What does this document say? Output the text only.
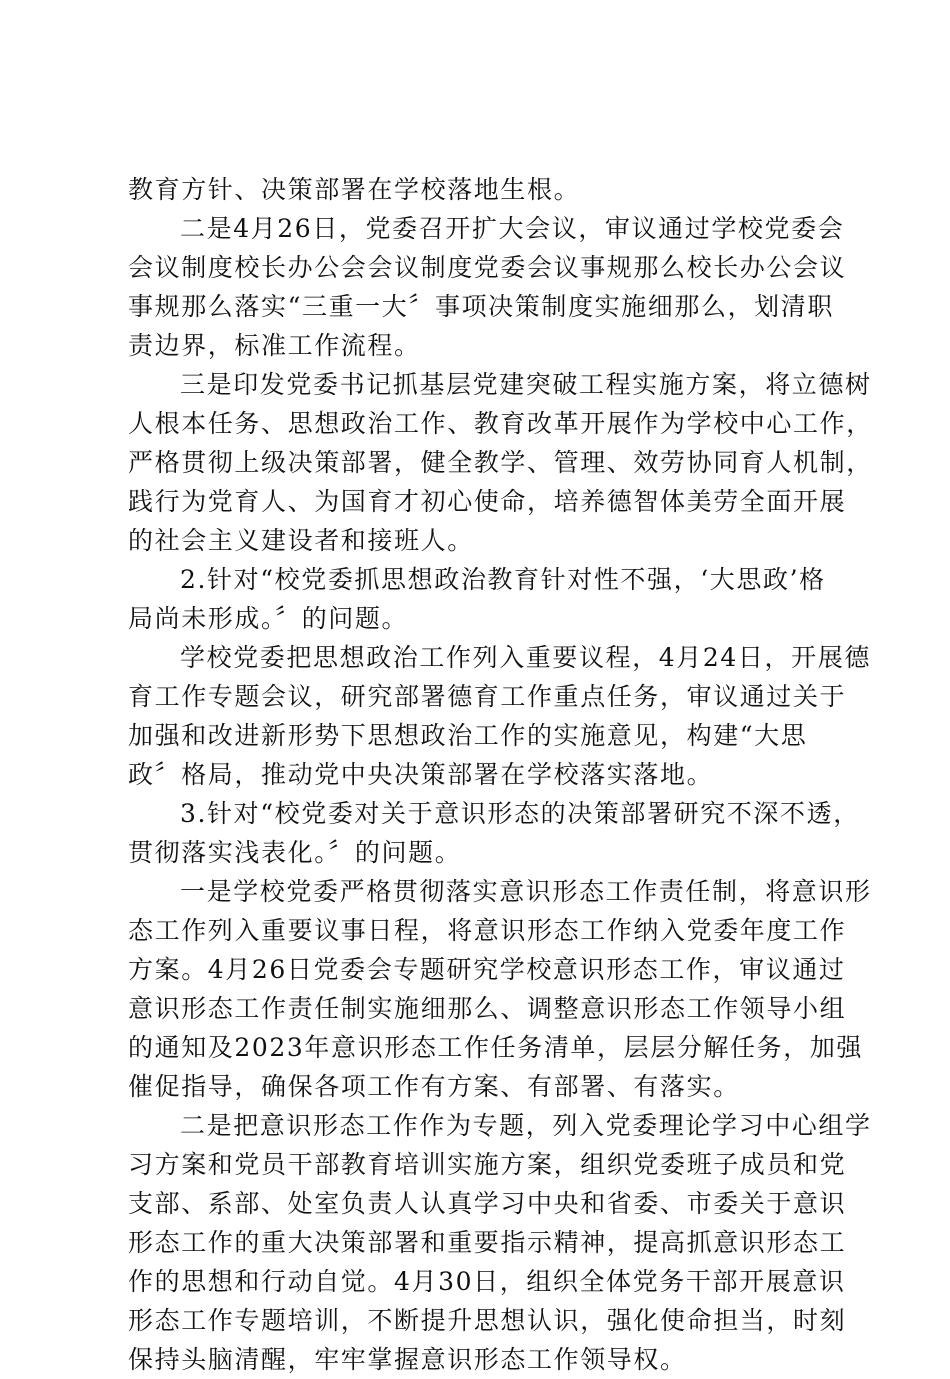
教育方针、决策部署在学校落地生根。
二是4月26日，党委召开扩大会议，审议通过学校党委会
会议制度校长办公会会议制度党委会议事规那么校长办公会议
事规那么落实“三重一大〞事项决策制度实施细那么，划清职
责边界，标准工作流程。
三是印发党委书记抓基层党建突破工程实施方案，将立德树
人根本任务、思想政治工作、教育改革开展作为学校中心工作，
严格贯彻上级决策部署，健全教学、管理、效劳协同育人机制，
践行为党育人、为国育才初心使命，培养德智体美劳全面开展
的社会主义建设者和接班人。
2.针对“校党委抓思想政治教育针对性不强，‘大思政’格
局尚未形成。〞的问题。
学校党委把思想政治工作列入重要议程，4月24日，开展德
育工作专题会议，研究部署德育工作重点任务，审议通过关于
加强和改进新形势下思想政治工作的实施意见，构建“大思
政〞格局，推动党中央决策部署在学校落实落地。
3.针对“校党委对关于意识形态的决策部署研究不深不透，
贯彻落实浅表化。〞的问题。
一是学校党委严格贯彻落实意识形态工作责任制，将意识形
态工作列入重要议事日程，将意识形态工作纳入党委年度工作
方案。4月26日党委会专题研究学校意识形态工作，审议通过
意识形态工作责任制实施细那么、调整意识形态工作领导小组
的通知及2023年意识形态工作任务清单，层层分解任务，加强
催促指导，确保各项工作有方案、有部署、有落实。
二是把意识形态工作作为专题，列入党委理论学习中心组学
习方案和党员干部教育培训实施方案，组织党委班子成员和党
支部、系部、处室负责人认真学习中央和省委、市委关于意识
形态工作的重大决策部署和重要指示精神，提高抓意识形态工
作的思想和行动自觉。4月30日，组织全体党务干部开展意识
形态工作专题培训，不断提升思想认识，强化使命担当，时刻
保持头脑清醒，牢牢掌握意识形态工作领导权。
